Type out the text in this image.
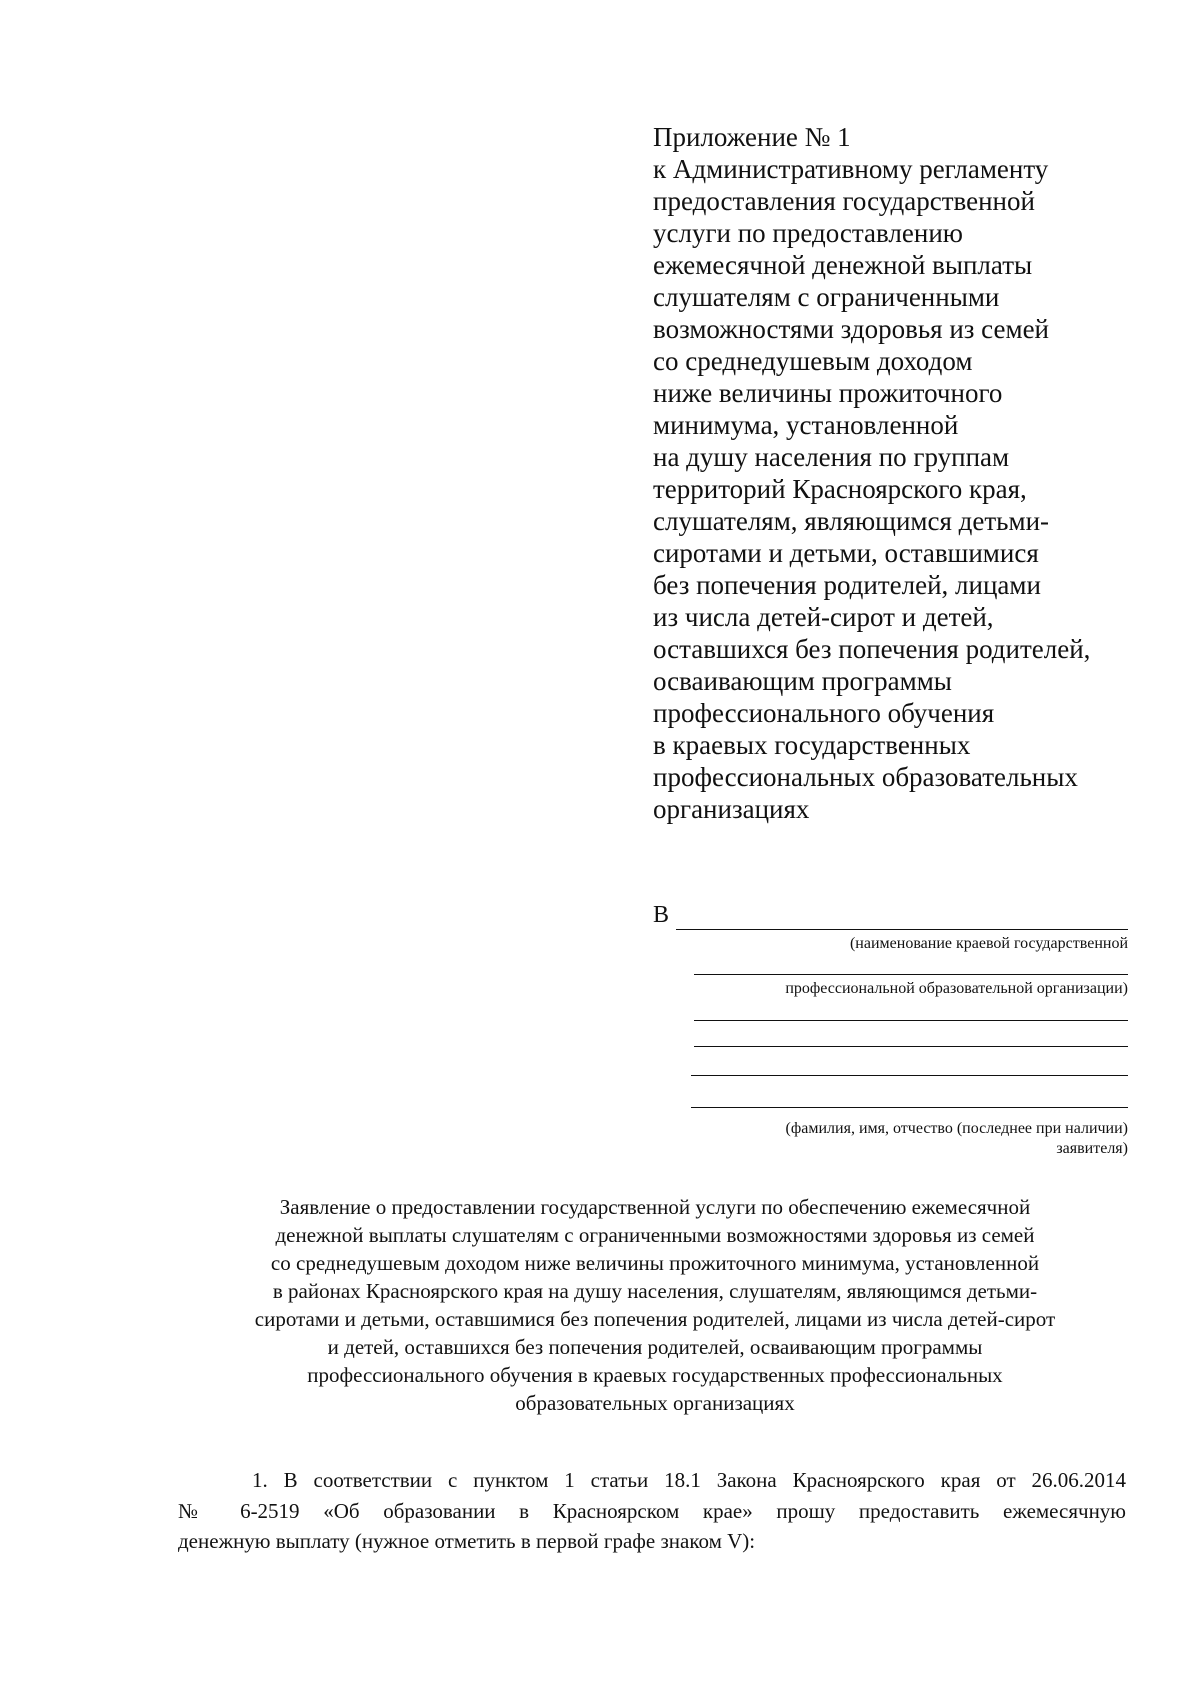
Приложение № 1
к Административному регламенту
предоставления государственной
услуги по предоставлению
ежемесячной денежной выплаты
слушателям с ограниченными
возможностями здоровья из семей
со среднедушевым доходом
ниже величины прожиточного
минимума, установленной
на душу населения по группам
территорий Красноярского края,
слушателям, являющимся детьми-
сиротами и детьми, оставшимися
без попечения родителей, лицами
из числа детей-сирот и детей,
оставшихся без попечения родителей,
осваивающим программы
профессионального обучения
в краевых государственных
профессиональных образовательных
организациях
В
(наименование краевой государственной
профессиональной образовательной организации)
(фамилия, имя, отчество (последнее при наличии)
заявителя)
Заявление о предоставлении государственной услуги по обеспечению ежемесячной
денежной выплаты слушателям с ограниченными возможностями здоровья из семей
со среднедушевым доходом ниже величины прожиточного минимума, установленной
в районах Красноярского края на душу населения, слушателям, являющимся детьми-
сиротами и детьми, оставшимися без попечения родителей, лицами из числа детей-сирот
и детей, оставшихся без попечения родителей, осваивающим программы
профессионального обучения в краевых государственных профессиональных
образовательных организациях
1. В соответствии с пунктом 1 статьи 18.1 Закона Красноярского края от 26.06.2014
№ 6-2519 «Об образовании в Красноярском крае» прошу предоставить ежемесячную
денежную выплату (нужное отметить в первой графе знаком V):
